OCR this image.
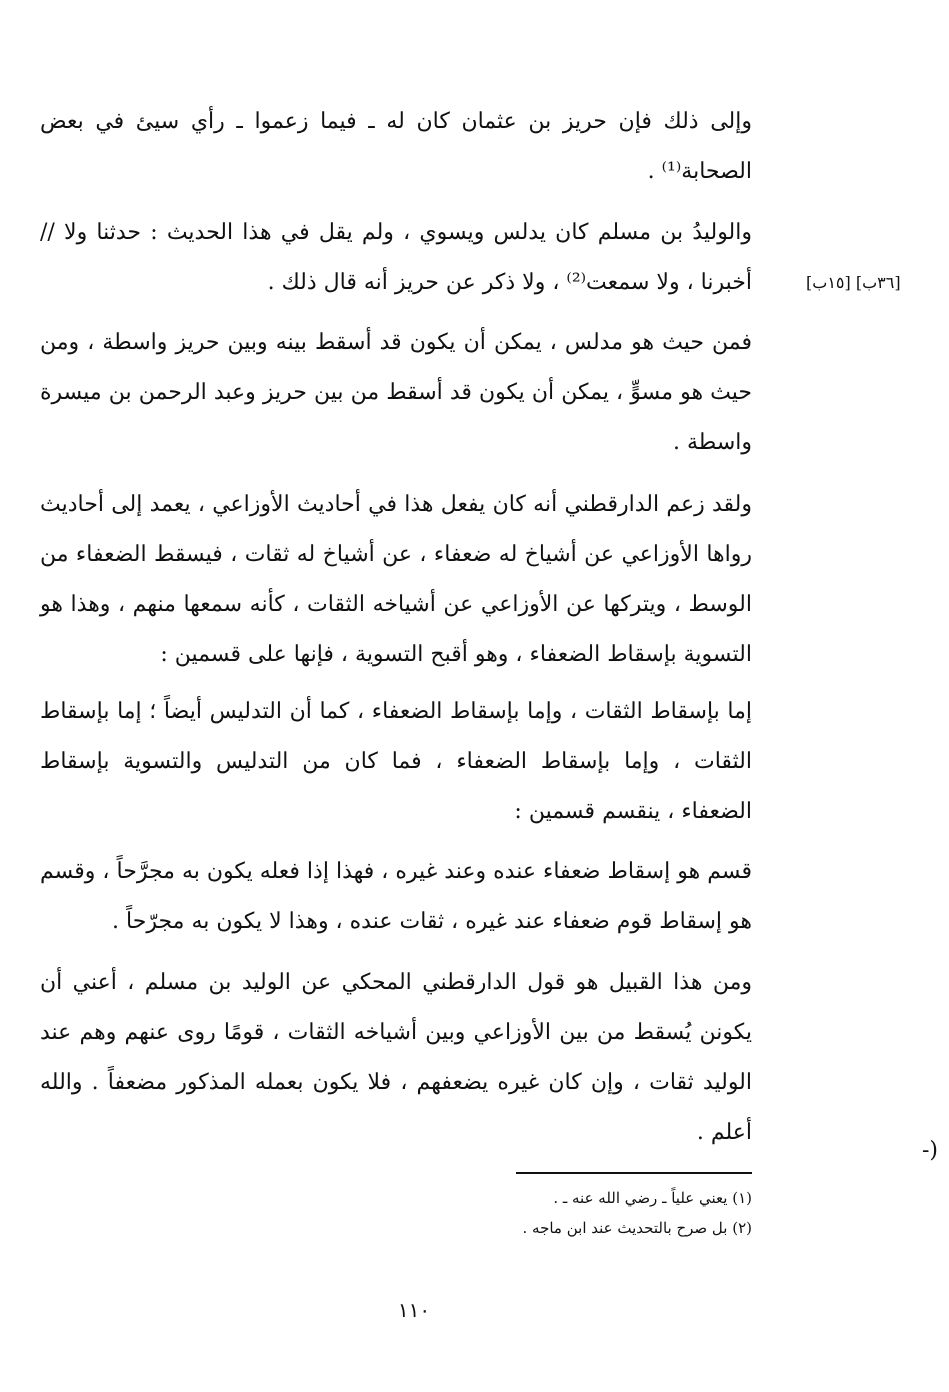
وإلى ذلك فإن حريز بن عثمان كان له ـ فيما زعموا ـ رأي سيئ في بعض الصحابة⁽¹⁾ .

والوليدُ بن مسلم كان يدلس ويسوي ، ولم يقل في هذا الحديث : حدثنا ولا // أخبرنا ، ولا سمعت⁽²⁾ ، ولا ذكر عن حريز أنه قال ذلك .	[٣٦ب] [١٥ب]

فمن حيث هو مدلس ، يمكن أن يكون قد أسقط بينه وبين حريز واسطة ، ومن حيث هو مسوٍّ ، يمكن أن يكون قد أسقط من بين حريز وعبد الرحمن بن ميسرة واسطة .

ولقد زعم الدارقطني أنه كان يفعل هذا في أحاديث الأوزاعي ، يعمد إلى أحاديث رواها الأوزاعي عن أشياخ له ضعفاء ، عن أشياخ له ثقات ، فيسقط الضعفاء من الوسط ، ويتركها عن الأوزاعي عن أشياخه الثقات ، كأنه سمعها منهم ، وهذا هو التسوية بإسقاط الضعفاء ، وهو أقبح التسوية ، فإنها على قسمين :

إما بإسقاط الثقات ، وإما بإسقاط الضعفاء ، كما أن التدليس أيضاً ؛ إما بإسقاط الثقات ، وإما بإسقاط الضعفاء ، فما كان من التدليس والتسوية بإسقاط الضعفاء ، ينقسم قسمين :

قسم هو إسقاط ضعفاء عنده وعند غيره ، فهذا إذا فعله يكون به مجرَّحاً ، وقسم هو إسقاط قوم ضعفاء عند غيره ، ثقات عنده ، وهذا لا يكون به مجرّحاً .

ومن هذا القبيل هو قول الدارقطني المحكي عن الوليد بن مسلم ، أعني أن يكونن يُسقط من بين الأوزاعي وبين أشياخه الثقات ، قومًا روى عنهم وهم عند الوليد ثقات ، وإن كان غيره يضعفهم ، فلا يكون بعمله المذكور مضعفاً . والله أعلم .

-)

(١) يعني علياً ـ رضي الله عنه ـ .

(٢) بل صرح بالتحديث عند ابن ماجه .

١١٠
